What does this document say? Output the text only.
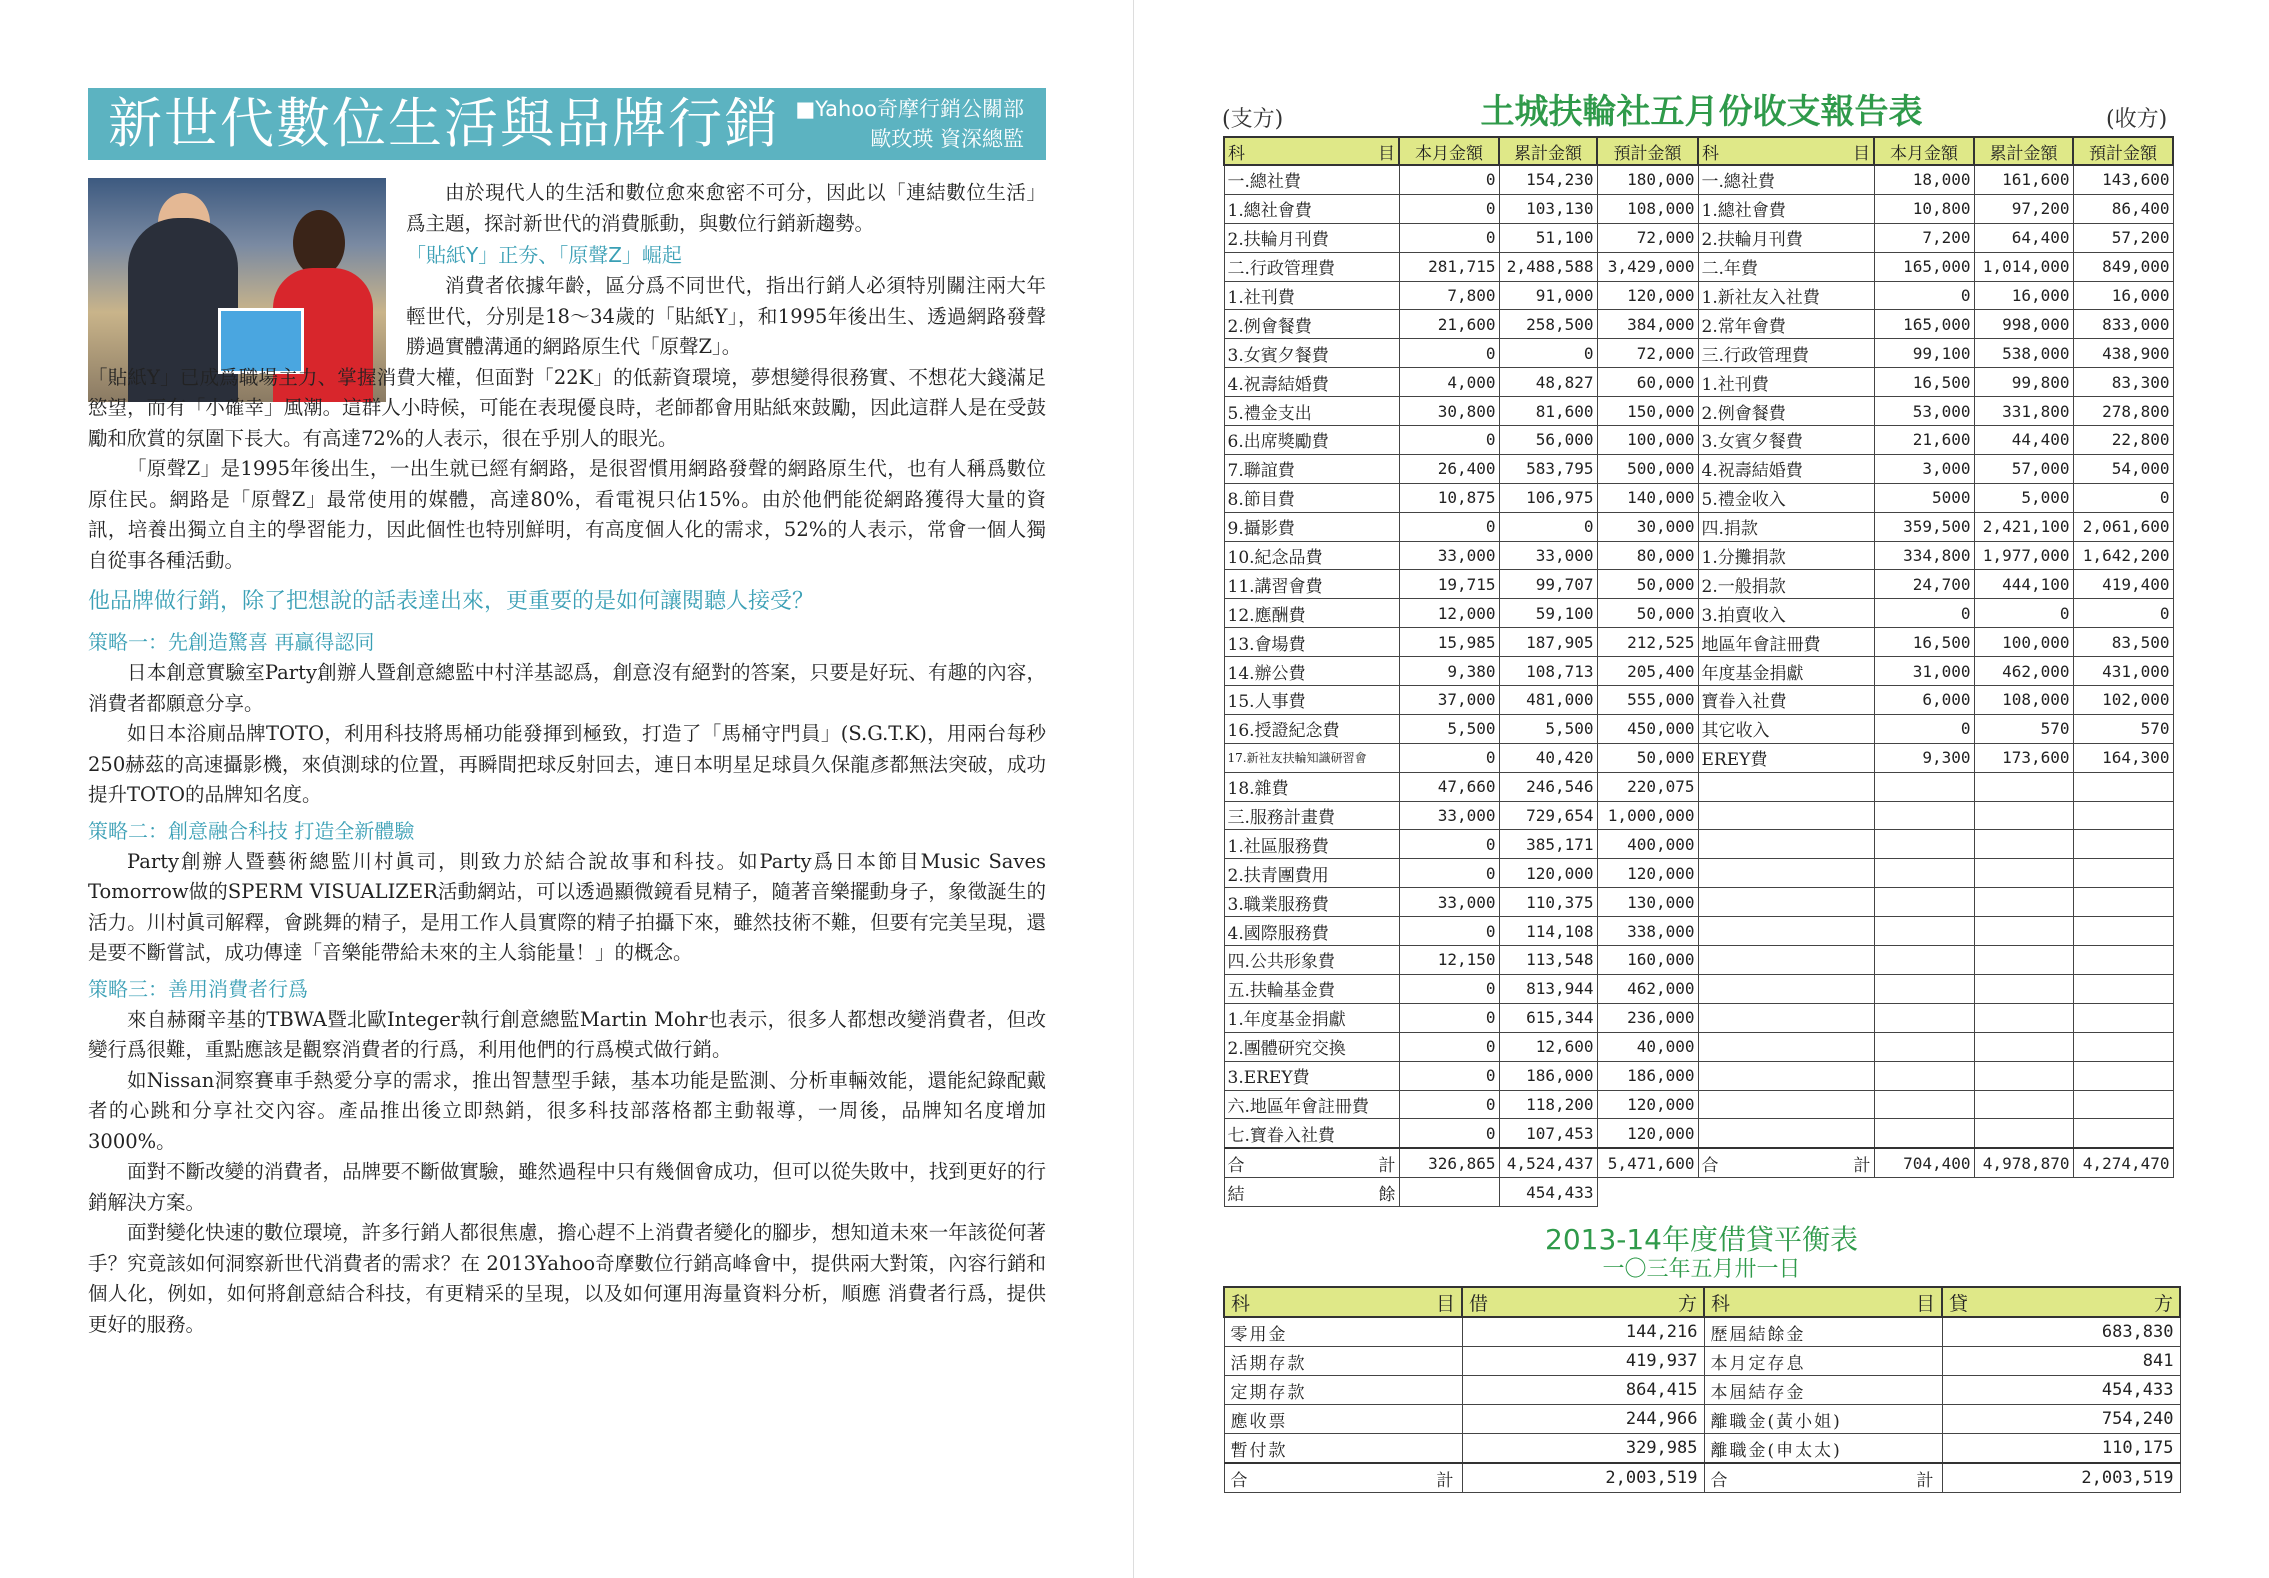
新世代數位生活與品牌行銷 ■Yahoo奇摩行銷公關部
歐玫瑛 資深總監

由於現代人的生活和數位愈來愈密不可分，因此以「連結數位生活」爲主題，探討新世代的消費脈動，與數位行銷新趨勢。

「貼紙Y」正夯、「原聲Z」崛起

消費者依據年齡，區分爲不同世代，指出行銷人必須特別關注兩大年輕世代，分別是18～34歲的「貼紙Y」，和1995年後出生、透過網路發聲勝過實體溝通的網路原生代「原聲Z」。

「貼紙Y」已成爲職場主力、掌握消費大權，但面對「22K」的低薪資環境，夢想變得很務實、不想花大錢滿足慾望，而有「小確幸」風潮。這群人小時候，可能在表現優良時，老師都會用貼紙來鼓勵，因此這群人是在受鼓勵和欣賞的氛圍下長大。有高達72%的人表示，很在乎別人的眼光。

「原聲Z」是1995年後出生，一出生就已經有網路，是很習慣用網路發聲的網路原生代，也有人稱爲數位原住民。網路是「原聲Z」最常使用的媒體，高達80%，看電視只佔15%。由於他們能從網路獲得大量的資訊，培養出獨立自主的學習能力，因此個性也特別鮮明，有高度個人化的需求，52%的人表示，常會一個人獨自從事各種活動。

他品牌做行銷，除了把想說的話表達出來，更重要的是如何讓閱聽人接受？
策略一：先創造驚喜 再贏得認同

日本創意實驗室Party創辦人暨創意總監中村洋基認爲，創意沒有絕對的答案，只要是好玩、有趣的內容，消費者都願意分享。

如日本浴廁品牌TOTO，利用科技將馬桶功能發揮到極致，打造了「馬桶守門員」(S.G.T.K)，用兩台每秒250赫茲的高速攝影機，來偵測球的位置，再瞬間把球反射回去，連日本明星足球員久保龍彥都無法突破，成功提升TOTO的品牌知名度。

策略二：創意融合科技 打造全新體驗

Party創辦人暨藝術總監川村眞司，則致力於結合說故事和科技。如Party爲日本節目Music Saves Tomorrow做的SPERM VISUALIZER活動網站，可以透過顯微鏡看見精子，隨著音樂擺動身子，象徵誕生的活力。川村眞司解釋，會跳舞的精子，是用工作人員實際的精子拍攝下來，雖然技術不難，但要有完美呈現，還是要不斷嘗試，成功傳達「音樂能帶給未來的主人翁能量！」的概念。

策略三：善用消費者行爲

來自赫爾辛基的TBWA暨北歐Integer執行創意總監Martin Mohr也表示，很多人都想改變消費者，但改變行爲很難，重點應該是觀察消費者的行爲，利用他們的行爲模式做行銷。

如Nissan洞察賽車手熱愛分享的需求，推出智慧型手錶，基本功能是監測、分析車輛效能，還能紀錄配戴者的心跳和分享社交內容。產品推出後立即熱銷，很多科技部落格都主動報導，一周後，品牌知名度增加3000%。

面對不斷改變的消費者，品牌要不斷做實驗，雖然過程中只有幾個會成功，但可以從失敗中，找到更好的行銷解決方案。

面對變化快速的數位環境，許多行銷人都很焦慮，擔心趕不上消費者變化的腳步，想知道未來一年該從何著手？究竟該如何洞察新世代消費者的需求？在 2013Yahoo奇摩數位行銷高峰會中，提供兩大對策，內容行銷和個人化，例如，如何將創意結合科技，有更精采的呈現，以及如何運用海量資料分析，順應 消費者行爲，提供更好的服務。

(支方)	土城扶輪社五月份收支報告表	(收方)
科 目	本月金額	累計金額	預計金額	科 目	本月金額	累計金額	預計金額
一.總社費	0	154,230	180,000	一.總社費	18,000	161,600	143,600
1.總社會費	0	103,130	108,000	1.總社會費	10,800	97,200	86,400
2.扶輪月刊費	0	51,100	72,000	2.扶輪月刊費	7,200	64,400	57,200
二.行政管理費	281,715	2,488,588	3,429,000	二.年費	165,000	1,014,000	849,000
1.社刊費	7,800	91,000	120,000	1.新社友入社費	0	16,000	16,000
2.例會餐費	21,600	258,500	384,000	2.常年會費	165,000	998,000	833,000
3.女賓夕餐費	0	0	72,000	三.行政管理費	99,100	538,000	438,900
4.祝壽結婚費	4,000	48,827	60,000	1.社刊費	16,500	99,800	83,300
5.禮金支出	30,800	81,600	150,000	2.例會餐費	53,000	331,800	278,800
6.出席獎勵費	0	56,000	100,000	3.女賓夕餐費	21,600	44,400	22,800
7.聯誼費	26,400	583,795	500,000	4.祝壽結婚費	3,000	57,000	54,000
8.節目費	10,875	106,975	140,000	5.禮金收入	5000	5,000	0
9.攝影費	0	0	30,000	四.捐款	359,500	2,421,100	2,061,600
10.紀念品費	33,000	33,000	80,000	1.分攤捐款	334,800	1,977,000	1,642,200
11.講習會費	19,715	99,707	50,000	2.一般捐款	24,700	444,100	419,400
12.應酬費	12,000	59,100	50,000	3.拍賣收入	0	0	0
13.會場費	15,985	187,905	212,525	地區年會註冊費	16,500	100,000	83,500
14.辦公費	9,380	108,713	205,400	年度基金捐獻	31,000	462,000	431,000
15.人事費	37,000	481,000	555,000	寶眷入社費	6,000	108,000	102,000
16.授證紀念費	5,500	5,500	450,000	其它收入	0	570	570
17.新社友扶輪知識研習會	0	40,420	50,000	EREY費	9,300	173,600	164,300
18.雜費	47,660	246,546	220,075				
三.服務計畫費	33,000	729,654	1,000,000				
1.社區服務費	0	385,171	400,000				
2.扶青團費用	0	120,000	120,000				
3.職業服務費	33,000	110,375	130,000				
4.國際服務費	0	114,108	338,000				
四.公共形象費	12,150	113,548	160,000				
五.扶輪基金費	0	813,944	462,000				
1.年度基金捐獻	0	615,344	236,000				
2.團體研究交換	0	12,600	40,000				
3.EREY費	0	186,000	186,000				
六.地區年會註冊費	0	118,200	120,000				
七.寶眷入社費	0	107,453	120,000				

合 計	326,865	4,524,437	5,471,600	合 計	704,400	4,978,870	4,274,470

結 餘		454,433					
2013-14年度借貸平衡表
一〇三年五月卅一日
科 目	借 方	科 目	貸 方

零用金	144,216	歷屆結餘金	683,830
活期存款	419,937	本月定存息	841
定期存款	864,415	本屆結存金	454,433
應收票	244,966	離職金(黃小姐)	754,240
暫付款	329,985	離職金(申太太)	110,175

合 計	2,003,519	合 計	2,003,519
